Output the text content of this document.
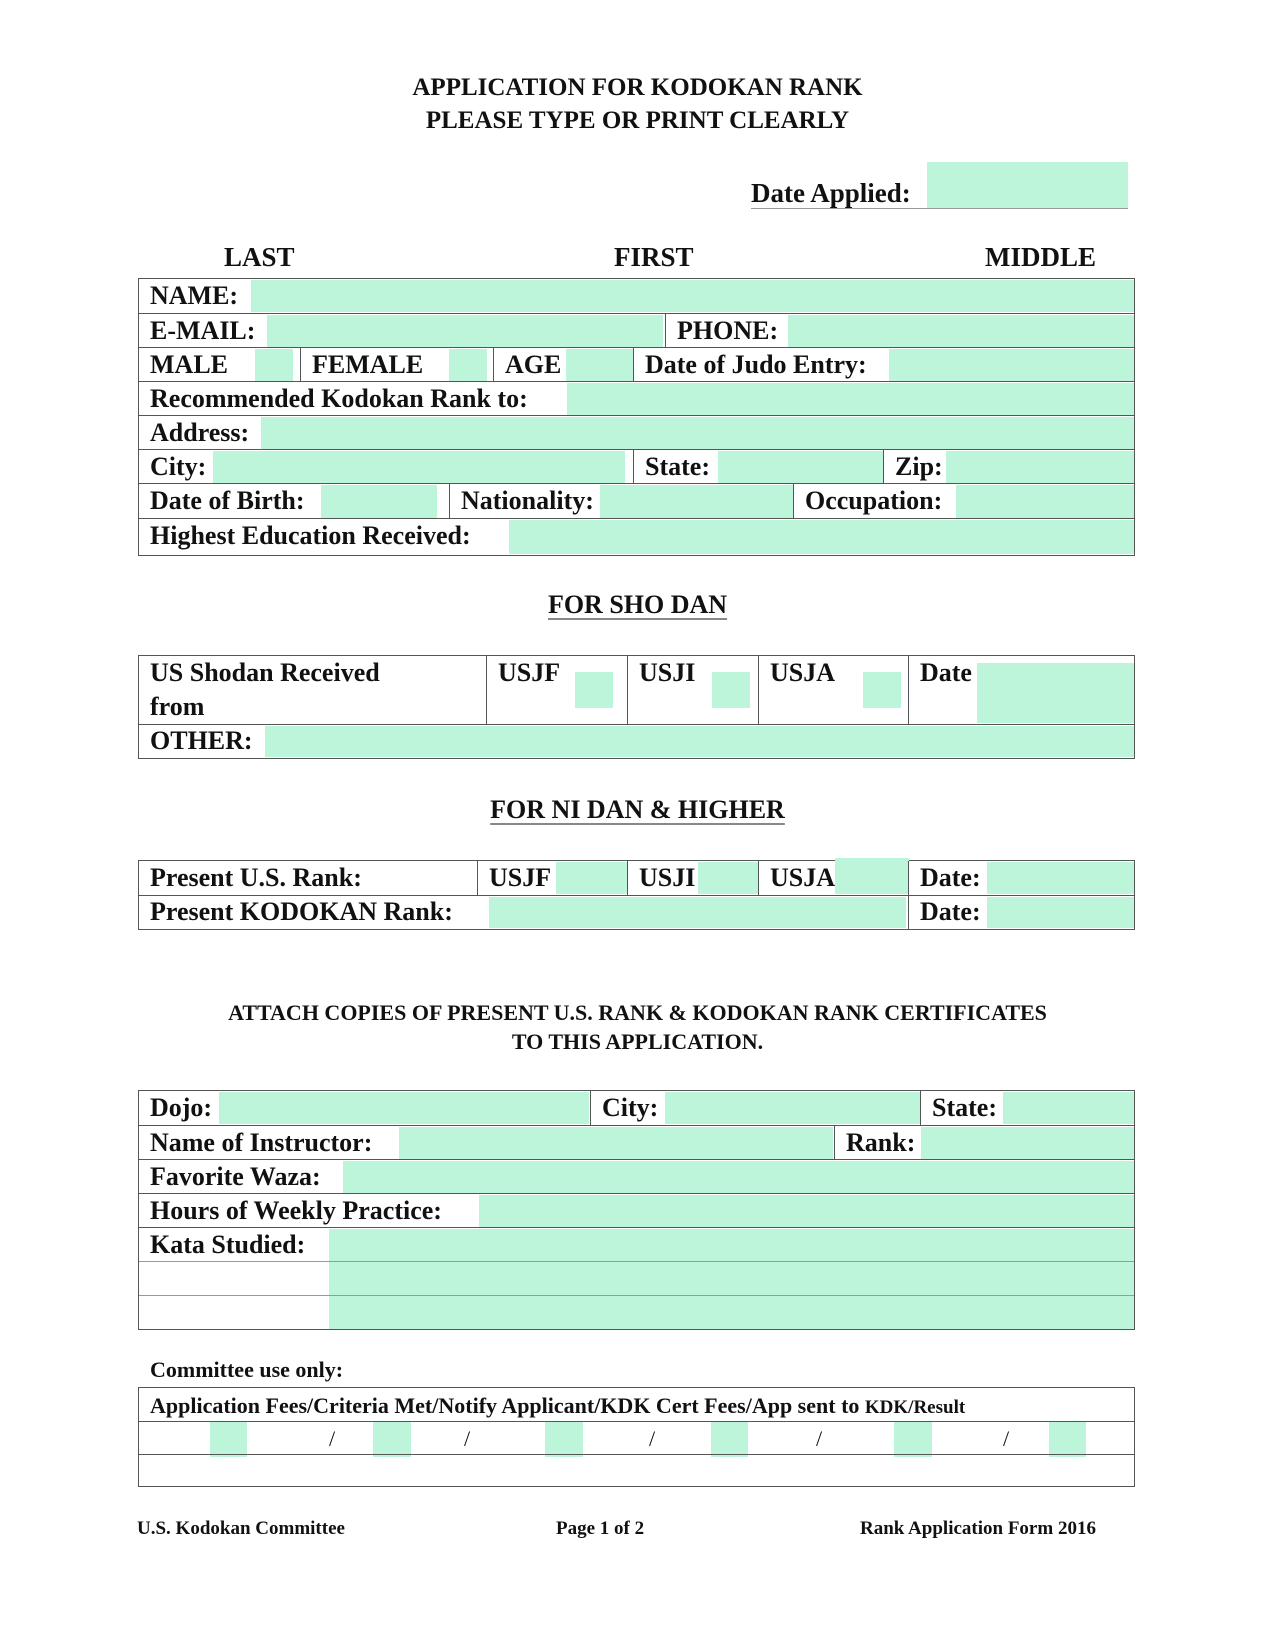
APPLICATION FOR KODOKAN RANK
PLEASE TYPE OR PRINT CLEARLY
Date Applied:
LAST	FIRST	MIDDLE
NAME:
E-MAIL:	PHONE:
MALE	FEMALE	AGE	Date of Judo Entry:
Recommended Kodokan Rank to:
Address:
City:	State:	Zip:
Date of Birth:	Nationality:	Occupation:
Highest Education Received:
FOR SHO DAN
US Shodan Received
from
USJF	USJI	USJA	Date
OTHER:
FOR NI DAN & HIGHER
Present U.S. Rank:	USJF	USJI	USJA	Date:
Present KODOKAN Rank:	Date:
ATTACH COPIES OF PRESENT U.S. RANK & KODOKAN RANK CERTIFICATES
TO THIS APPLICATION.
Dojo:	City:	State:
Name of Instructor:	Rank:
Favorite Waza:
Hours of Weekly Practice:
Kata Studied:
Committee use only:
Application Fees/Criteria Met/Notify Applicant/KDK Cert Fees/App sent to KDK/Result
/	/	/	/	/
U.S. Kodokan Committee	Page 1 of 2	Rank Application Form 2016
